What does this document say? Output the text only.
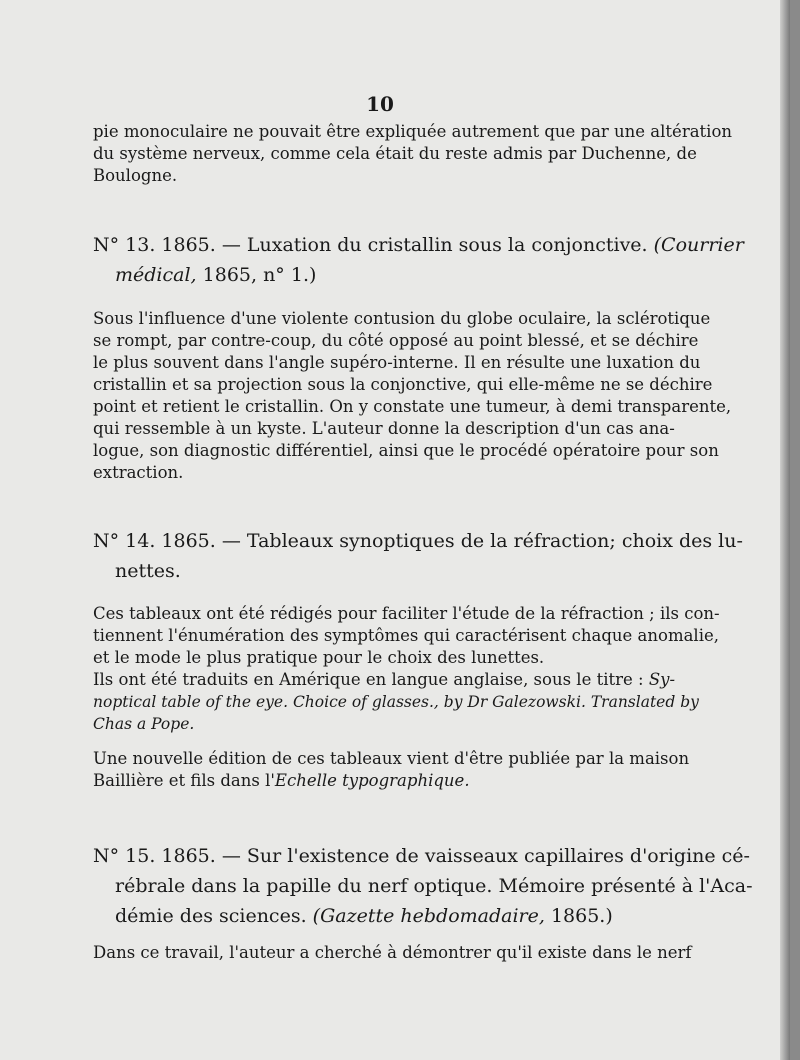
10
pie monoculaire ne pouvait être expliquée autrement que par une altération
du système nerveux, comme cela était du reste admis par Duchenne, de
Boulogne.
N° 13. 1865. — Luxation du cristallin sous la conjonctive. (Courrier
médical, 1865, n° 1.)
Sous l'influence d'une violente contusion du globe oculaire, la sclérotique
se rompt, par contre-coup, du côté opposé au point blessé, et se déchire
le plus souvent dans l'angle supéro-interne. Il en résulte une luxation du
cristallin et sa projection sous la conjonctive, qui elle-même ne se déchire
point et retient le cristallin. On y constate une tumeur, à demi transparente,
qui ressemble à un kyste. L'auteur donne la description d'un cas ana-
logue, son diagnostic différentiel, ainsi que le procédé opératoire pour son
extraction.
N° 14. 1865. — Tableaux synoptiques de la réfraction; choix des lu-
nettes.
Ces tableaux ont été rédigés pour faciliter l'étude de la réfraction ; ils con-
tiennent l'énumération des symptômes qui caractérisent chaque anomalie,
et le mode le plus pratique pour le choix des lunettes.
Ils ont été traduits en Amérique en langue anglaise, sous le titre : Sy-
noptical table of the eye. Choice of glasses., by Dr Galezowski. Translated by
Chas a Pope.
Une nouvelle édition de ces tableaux vient d'être publiée par la maison
Baillière et fils dans l'Echelle typographique.
N° 15. 1865. — Sur l'existence de vaisseaux capillaires d'origine cé-
rébrale dans la papille du nerf optique. Mémoire présenté à l'Aca-
démie des sciences. (Gazette hebdomadaire, 1865.)
Dans ce travail, l'auteur a cherché à démontrer qu'il existe dans le nerf
